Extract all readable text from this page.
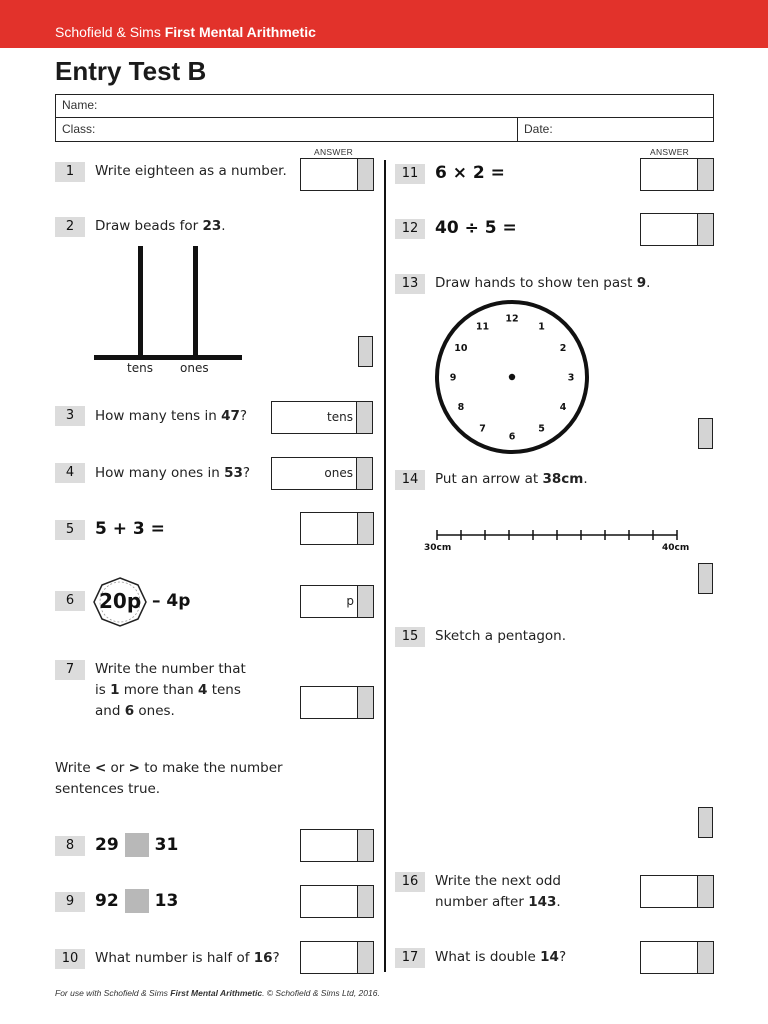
Schofield & Sims First Mental Arithmetic
Entry Test B
Name:
Class:	Date:
ANSWER	ANSWER
1	Write eighteen as a number.
2	Draw beads for 23.
tens ones
3	How many tens in 47?	tens
4	How many ones in 53?	ones
5	5 + 3 =
6	20p – 4p	p
7	Write the number that
is 1 more than 4 tens
and 6 ones.
Write < or > to make the number
sentences true.
8	29 31
9	92 13
10	What number is half of 16?
11 6 × 2 =
12 40 ÷ 5 =
13	Draw hands to show ten past 9.
12
1
2
3
4
5
6
7
8
9
10
11
14	Put an arrow at 38cm.
30cm	40cm
15	Sketch a pentagon.
16	Write the next odd
number after 143.
17	What is double 14?
For use with Schofield & Sims First Mental Arithmetic. © Schofield & Sims Ltd, 2016.
